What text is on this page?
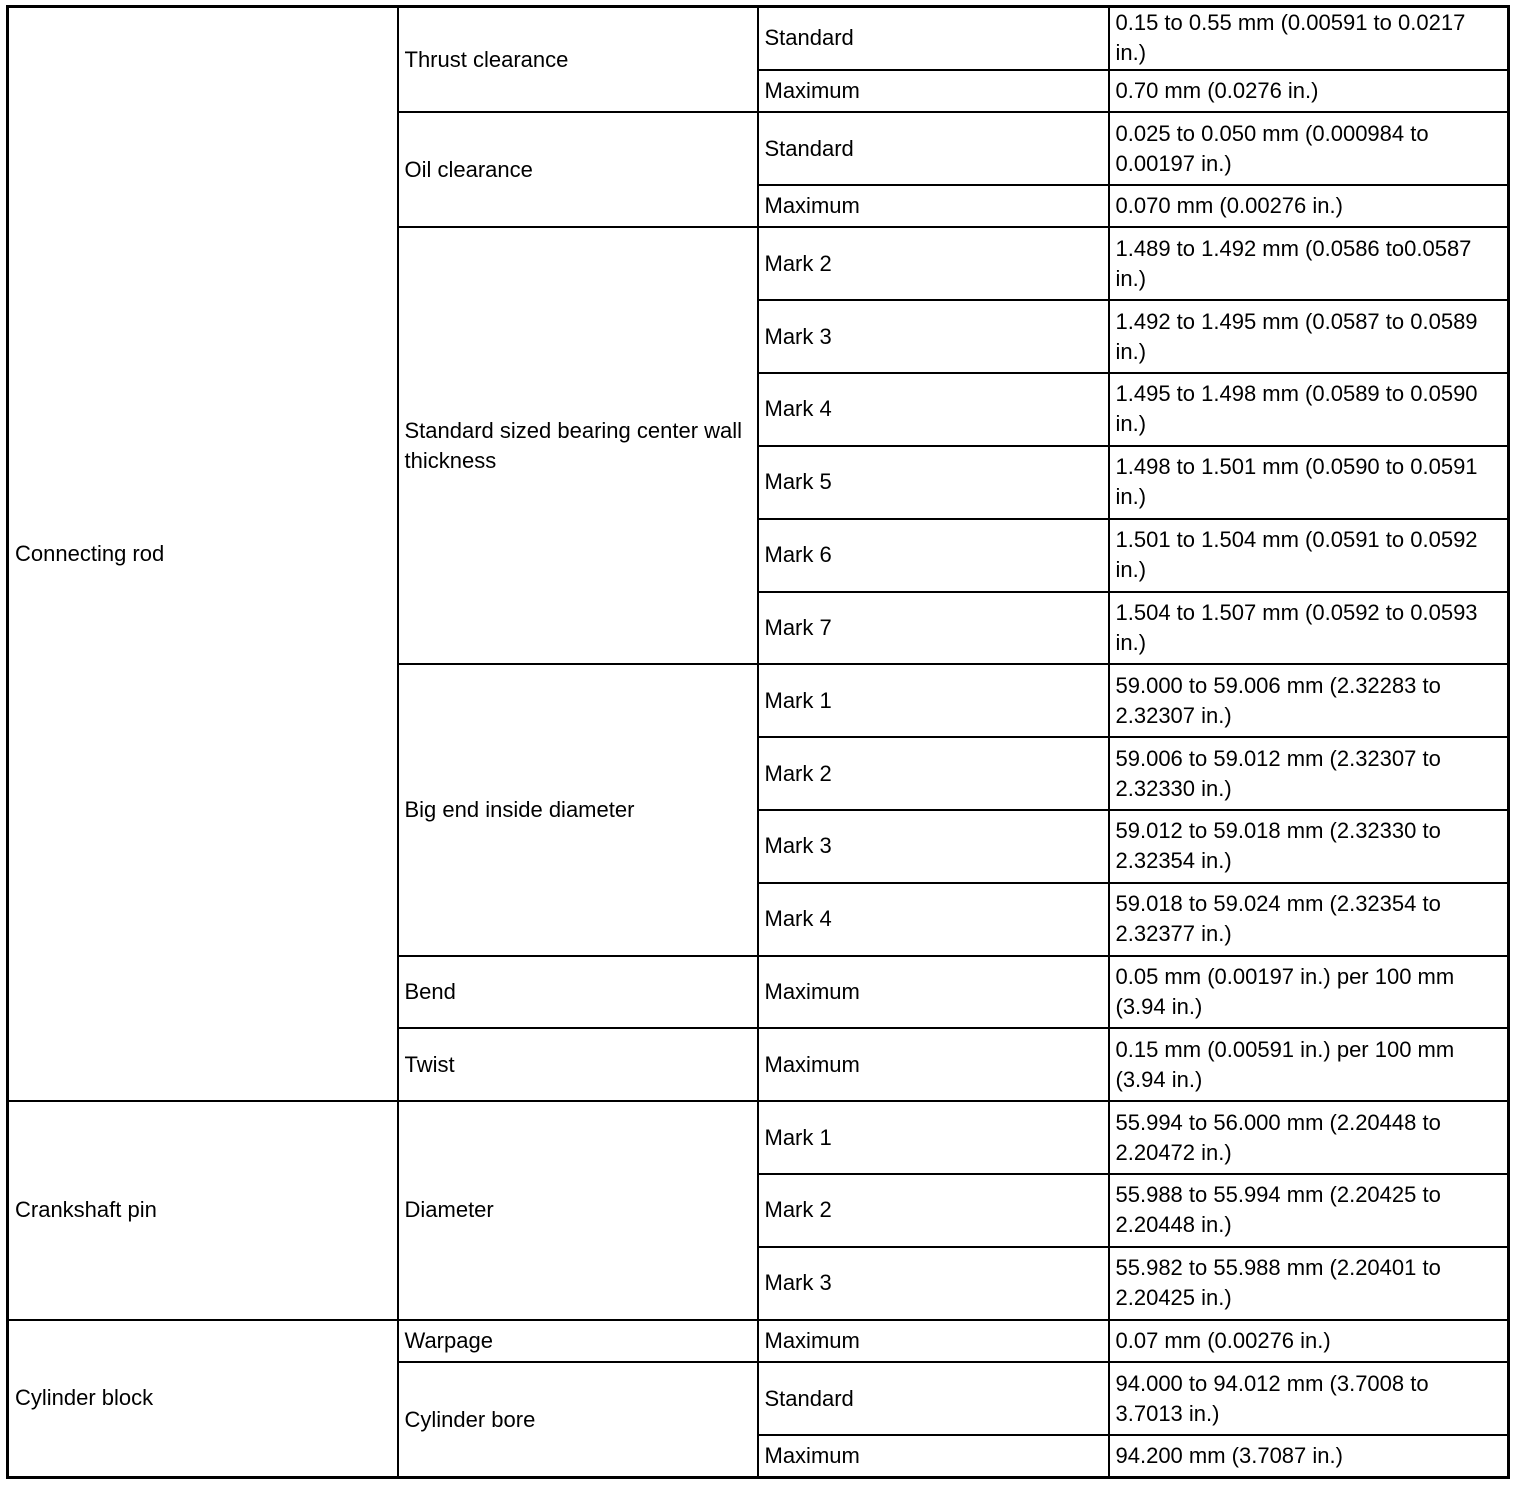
Connecting rod	Thrust clearance	Standard	0.15 to 0.55 mm (0.00591 to 0.0217 in.)
		Maximum	0.70 mm (0.0276 in.)
	Oil clearance	Standard	0.025 to 0.050 mm (0.000984 to 0.00197 in.)
		Maximum	0.070 mm (0.00276 in.)
	Standard sized bearing center wall thickness	Mark 2	1.489 to 1.492 mm (0.0586 to0.0587 in.)
		Mark 3	1.492 to 1.495 mm (0.0587 to 0.0589 in.)
		Mark 4	1.495 to 1.498 mm (0.0589 to 0.0590 in.)
		Mark 5	1.498 to 1.501 mm (0.0590 to 0.0591 in.)
		Mark 6	1.501 to 1.504 mm (0.0591 to 0.0592 in.)
		Mark 7	1.504 to 1.507 mm (0.0592 to 0.0593 in.)
	Big end inside diameter	Mark 1	59.000 to 59.006 mm (2.32283 to 2.32307 in.)
		Mark 2	59.006 to 59.012 mm (2.32307 to 2.32330 in.)
		Mark 3	59.012 to 59.018 mm (2.32330 to 2.32354 in.)
		Mark 4	59.018 to 59.024 mm (2.32354 to 2.32377 in.)
	Bend	Maximum	0.05 mm (0.00197 in.) per 100 mm (3.94 in.)
	Twist	Maximum	0.15 mm (0.00591 in.) per 100 mm (3.94 in.)
Crankshaft pin	Diameter	Mark 1	55.994 to 56.000 mm (2.20448 to 2.20472 in.)
		Mark 2	55.988 to 55.994 mm (2.20425 to 2.20448 in.)
		Mark 3	55.982 to 55.988 mm (2.20401 to 2.20425 in.)
Cylinder block	Warpage	Maximum	0.07 mm (0.00276 in.)
	Cylinder bore	Standard	94.000 to 94.012 mm (3.7008 to 3.7013 in.)
		Maximum	94.200 mm (3.7087 in.)
